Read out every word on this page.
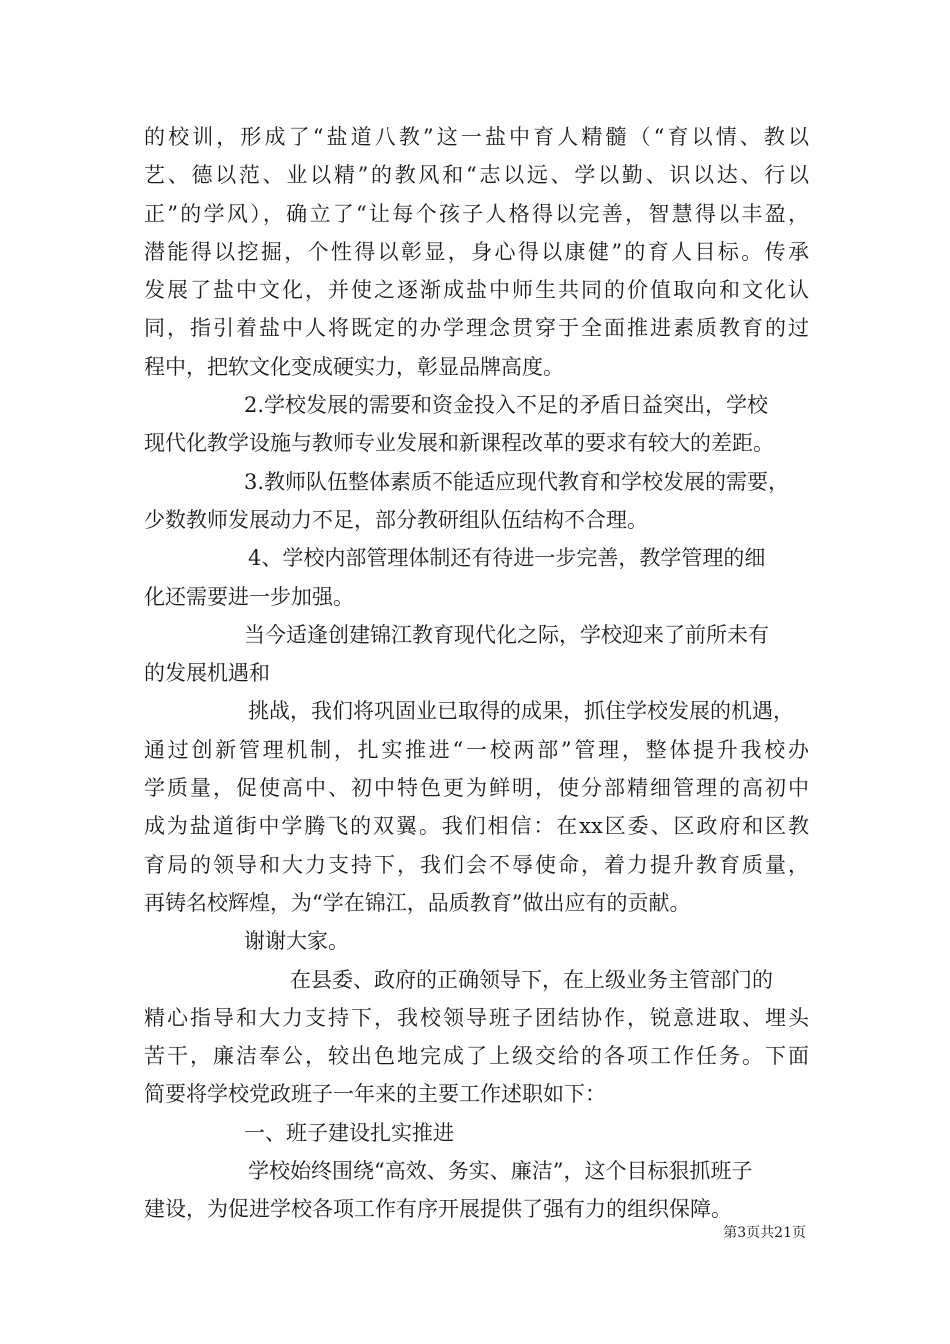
的校训，形成了“盐道八教”这一盐中育人精髓（“育以情、教以
艺、德以范、业以精”的教风和“志以远、学以勤、识以达、行以
正”的学风），确立了“让每个孩子人格得以完善，智慧得以丰盈，
潜能得以挖掘，个性得以彰显，身心得以康健”的育人目标。传承
发展了盐中文化，并使之逐渐成盐中师生共同的价值取向和文化认
同，指引着盐中人将既定的办学理念贯穿于全面推进素质教育的过
程中，把软文化变成硬实力，彰显品牌高度。
2.学校发展的需要和资金投入不足的矛盾日益突出，学校
现代化教学设施与教师专业发展和新课程改革的要求有较大的差距。
3.教师队伍整体素质不能适应现代教育和学校发展的需要，
少数教师发展动力不足，部分教研组队伍结构不合理。
4、学校内部管理体制还有待进一步完善，教学管理的细
化还需要进一步加强。
当今适逢创建锦江教育现代化之际，学校迎来了前所未有
的发展机遇和
挑战，我们将巩固业已取得的成果，抓住学校发展的机遇，
通过创新管理机制，扎实推进“一校两部”管理，整体提升我校办
学质量，促使高中、初中特色更为鲜明，使分部精细管理的高初中
成为盐道街中学腾飞的双翼。我们相信：在xx区委、区政府和区教
育局的领导和大力支持下，我们会不辱使命，着力提升教育质量，
再铸名校辉煌，为“学在锦江，品质教育”做出应有的贡献。
谢谢大家。
在县委、政府的正确领导下，在上级业务主管部门的
精心指导和大力支持下，我校领导班子团结协作，锐意进取、埋头
苦干，廉洁奉公，较出色地完成了上级交给的各项工作任务。下面
简要将学校党政班子一年来的主要工作述职如下：
一、班子建设扎实推进
学校始终围绕“高效、务实、廉洁”，这个目标狠抓班子
建设，为促进学校各项工作有序开展提供了强有力的组织保障。
第3页共21页
